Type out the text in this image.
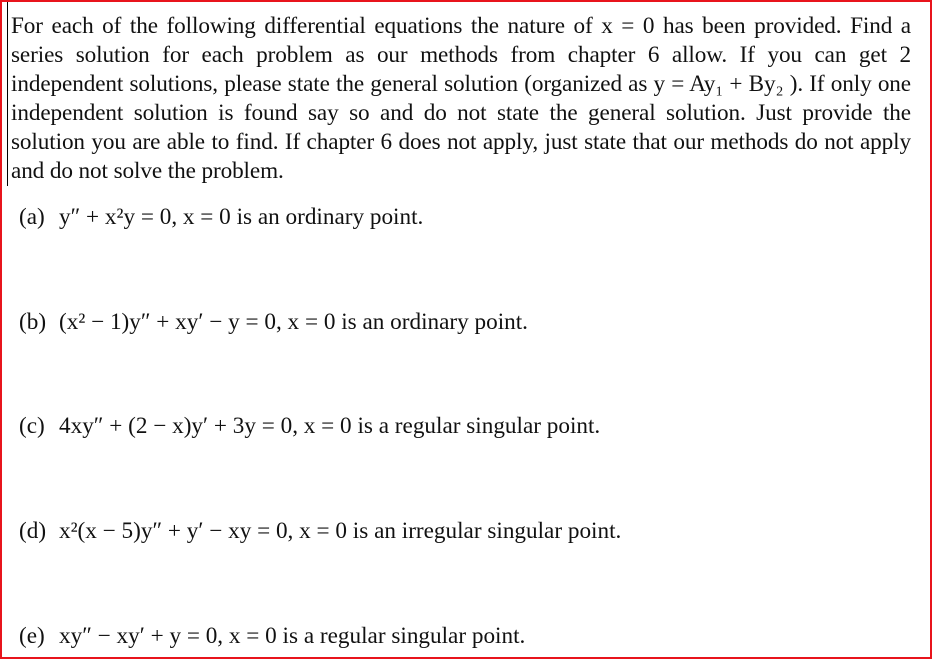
For each of the following differential equations the nature of x = 0 has been provided. Find a series solution for each problem as our methods from chapter 6 allow. If you can get 2 independent solutions, please state the general solution (organized as y = Ay₁ + By₂ ). If only one independent solution is found say so and do not state the general solution. Just provide the solution you are able to find. If chapter 6 does not apply, just state that our methods do not apply and do not solve the problem.

(a) y″ + x²y = 0, x = 0 is an ordinary point.

(b) (x² − 1)y″ + xy′ − y = 0, x = 0 is an ordinary point.

(c) 4xy″ + (2 − x)y′ + 3y = 0, x = 0 is a regular singular point.

(d) x²(x − 5)y″ + y′ − xy = 0, x = 0 is an irregular singular point.

(e) xy″ − xy′ + y = 0, x = 0 is a regular singular point.
